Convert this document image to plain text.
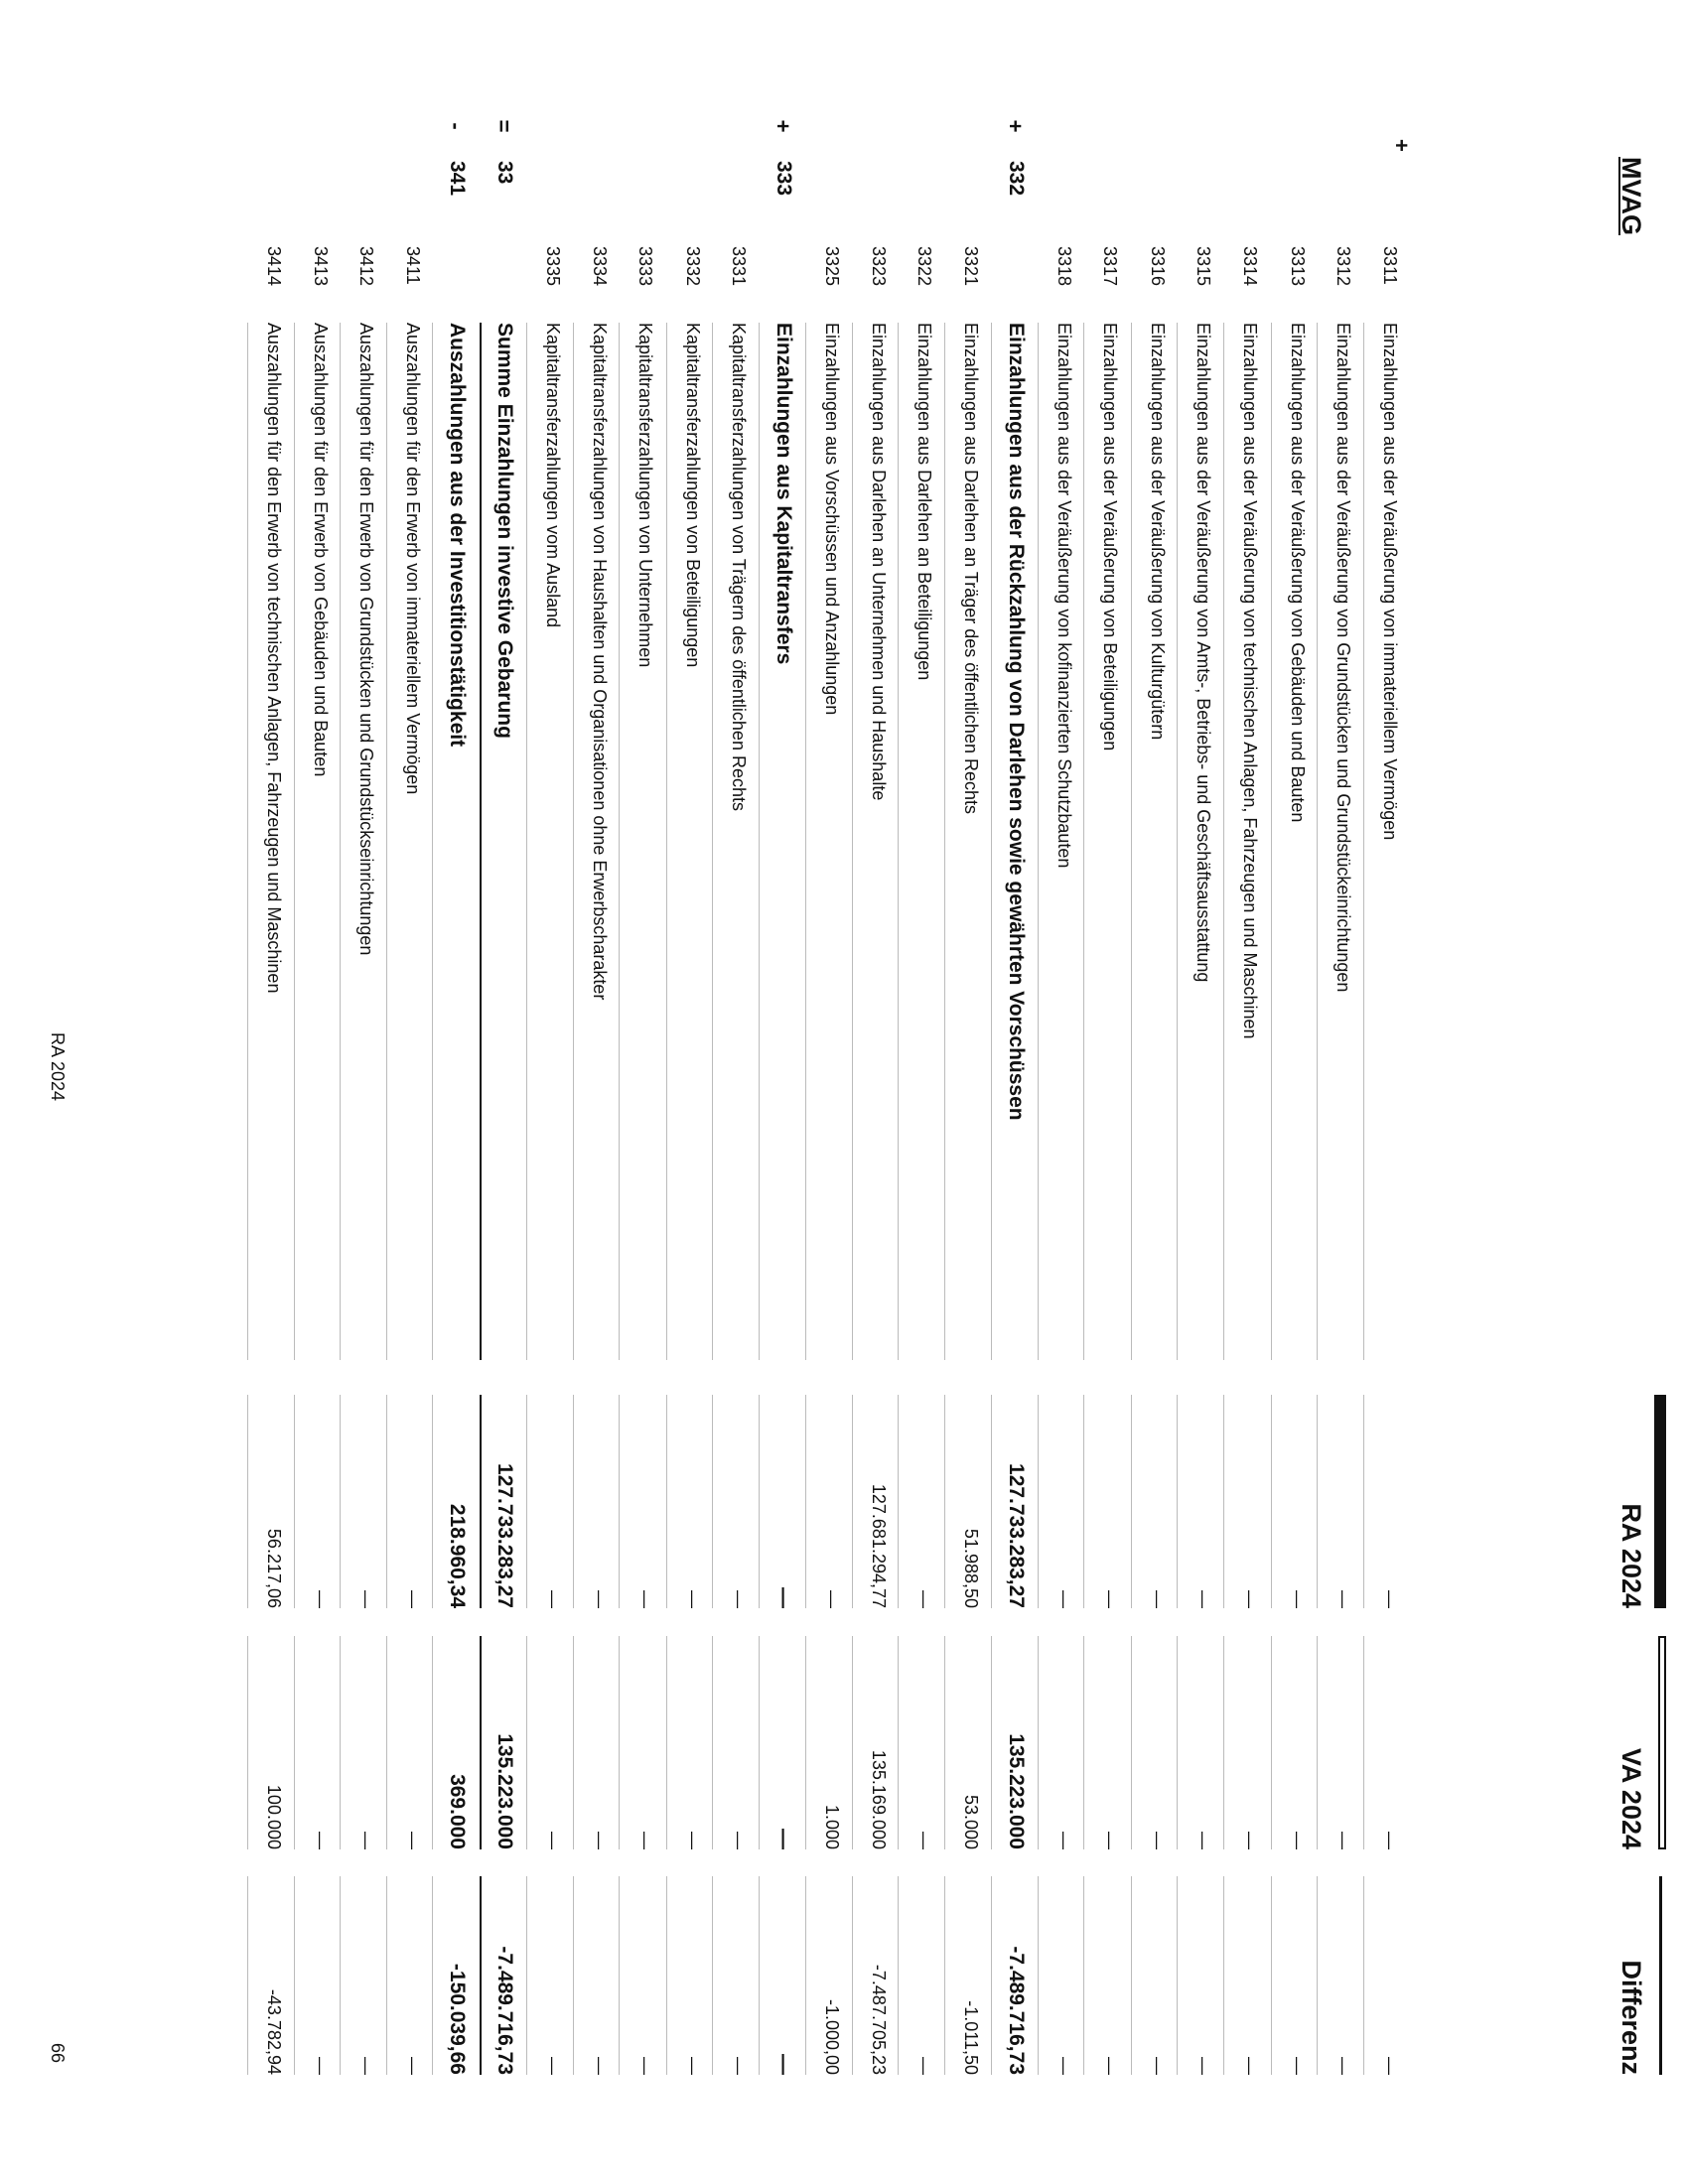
MVAG
RA 2024
VA 2024
Differenz
+
3311
Einzahlungen aus der Veräußerung von immateriellem Vermögen
—
—
—
3312
Einzahlungen aus der Veräußerung von Grundstücken und Grundstückeinrichtungen
—
—
—
3313
Einzahlungen aus der Veräußerung von Gebäuden und Bauten
—
—
—
3314
Einzahlungen aus der Veräußerung von technischen Anlagen, Fahrzeugen und Maschinen
—
—
—
3315
Einzahlungen aus der Veräußerung von Amts-, Betriebs- und Geschäftsausstattung
—
—
—
3316
Einzahlungen aus der Veräußerung von Kulturgütern
—
—
—
3317
Einzahlungen aus der Veräußerung von Beteiligungen
—
—
—
3318
Einzahlungen aus der Veräußerung von kofinanzierten Schutzbauten
—
—
—
+
332
Einzahlungen aus der Rückzahlung von Darlehen sowie gewährten Vorschüssen
127.733.283,27
135.223.000
-7.489.716,73
3321
Einzahlungen aus Darlehen an Träger des öffentlichen Rechts
51.988,50
53.000
-1.011,50
3322
Einzahlungen aus Darlehen an Beteiligungen
—
—
—
3323
Einzahlungen aus Darlehen an Unternehmen und Haushalte
127.681.294,77
135.169.000
-7.487.705,23
3325
Einzahlungen aus Vorschüssen und Anzahlungen
—
1.000
-1.000,00
+
333
Einzahlungen aus Kapitaltransfers
—
—
—
3331
Kapitaltransferzahlungen von Trägern des öffentlichen Rechts
—
—
—
3332
Kapitaltransferzahlungen von Beteiligungen
—
—
—
3333
Kapitaltransferzahlungen von Unternehmen
—
—
—
3334
Kapitaltransferzahlungen von Haushalten und Organisationen ohne Erwerbscharakter
—
—
—
3335
Kapitaltransferzahlungen vom Ausland
—
—
—
=
33
Summe Einzahlungen investive Gebarung
127.733.283,27
135.223.000
-7.489.716,73
-
341
Auszahlungen aus der Investitionstätigkeit
218.960,34
369.000
-150.039,66
3411
Auszahlungen für den Erwerb von immateriellem Vermögen
—
—
—
3412
Auszahlungen für den Erwerb von Grundstücken und Grundstückseinrichtungen
—
—
—
3413
Auszahlungen für den Erwerb von Gebäuden und Bauten
—
—
—
3414
Auszahlungen für den Erwerb von technischen Anlagen, Fahrzeugen und Maschinen
56.217,06
100.000
-43.782,94
RA 2024
66
